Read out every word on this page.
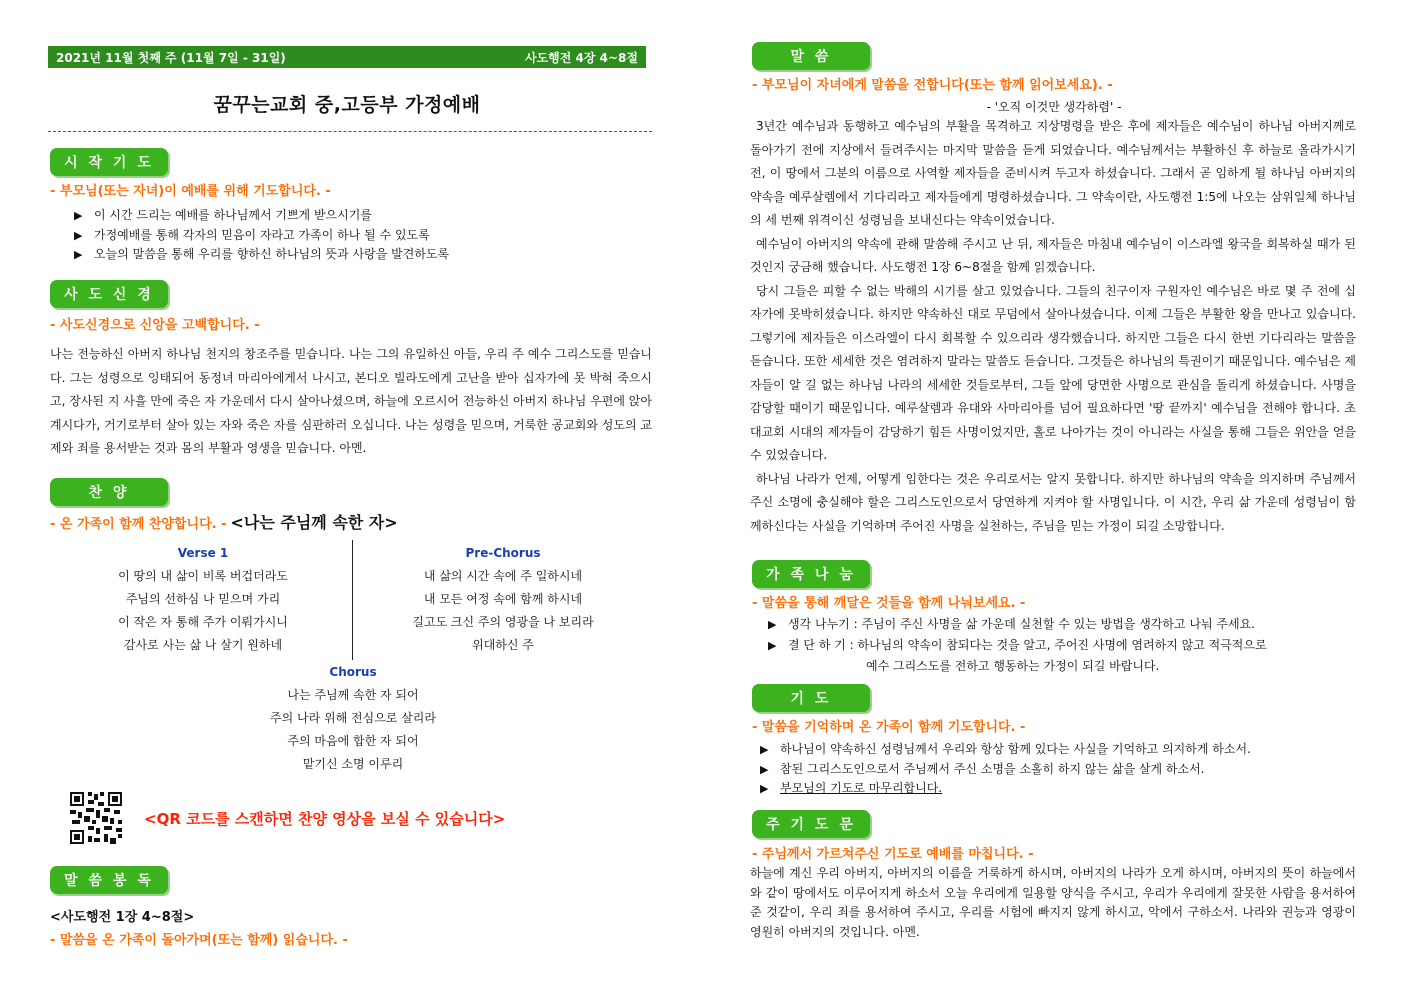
2021년 11월 첫째 주 (11월 7일 - 31일)	사도행전 4장 4~8절
꿈꾸는교회 중,고등부 가정예배
시 작 기 도
- 부모님(또는 자녀)이 예배를 위해 기도합니다. -
▶ 이 시간 드리는 예배를 하나님께서 기쁘게 받으시기를
▶ 가정예배를 통해 각자의 믿음이 자라고 가족이 하나 될 수 있도록
▶ 오늘의 말씀을 통해 우리를 향하신 하나님의 뜻과 사랑을 발견하도록
사 도 신 경
- 사도신경으로 신앙을 고백합니다. -

나는 전능하신 아버지 하나님 천지의 창조주를 믿습니다. 나는 그의 유일하신 아들, 우리 주 예수 그리스도를 믿습니다. 그는 성령으로 잉태되어 동정녀 마리아에게서 나시고, 본디오 빌라도에게 고난을 받아 십자가에 못 박혀 죽으시고, 장사된 지 사흘 만에 죽은 자 가운데서 다시 살아나셨으며, 하늘에 오르시어 전능하신 아버지 하나님 우편에 앉아계시다가, 거기로부터 살아 있는 자와 죽은 자를 심판하러 오십니다. 나는 성령을 믿으며, 거룩한 공교회와 성도의 교제와 죄를 용서받는 것과 몸의 부활과 영생을 믿습니다. 아멘.

찬 양
- 온 가족이 함께 찬양합니다. - <나는 주님께 속한 자>
Verse 1
이 땅의 내 삶이 비록 버겁더라도
주님의 선하심 나 믿으며 가리
이 작은 자 통해 주가 이뤄가시니
감사로 사는 삶 나 살기 원하네
Pre-Chorus
내 삶의 시간 속에 주 일하시네
내 모든 여정 속에 함께 하시네
길고도 크신 주의 영광을 나 보리라
위대하신 주
Chorus
나는 주님께 속한 자 되어
주의 나라 위해 전심으로 살리라
주의 마음에 합한 자 되어
맡기신 소명 이루리
<QR 코드를 스캔하면 찬양 영상을 보실 수 있습니다>
말 씀 봉 독
<사도행전 1장 4~8절>
- 말씀을 온 가족이 돌아가며(또는 함께) 읽습니다. -
말 씀
- 부모님이 자녀에게 말씀을 전합니다(또는 함께 읽어보세요). -
- '오직 이것만 생각하렴' -

3년간 예수님과 동행하고 예수님의 부활을 목격하고 지상명령을 받은 후에 제자들은 예수님이 하나님 아버지께로 돌아가기 전에 지상에서 들려주시는 마지막 말씀을 듣게 되었습니다. 예수님께서는 부활하신 후 하늘로 올라가시기 전, 이 땅에서 그분의 이름으로 사역할 제자들을 준비시켜 두고자 하셨습니다. 그래서 곧 임하게 될 하나님 아버지의 약속을 예루살렘에서 기다리라고 제자들에게 명령하셨습니다. 그 약속이란, 사도행전 1:5에 나오는 삼위일체 하나님의 세 번째 위격이신 성령님을 보내신다는 약속이었습니다.

예수님이 아버지의 약속에 관해 말씀해 주시고 난 뒤, 제자들은 마침내 예수님이 이스라엘 왕국을 회복하실 때가 된 것인지 궁금해 했습니다. 사도행전 1장 6~8절을 함께 읽겠습니다.

당시 그들은 피할 수 없는 박해의 시기를 살고 있었습니다. 그들의 친구이자 구원자인 예수님은 바로 몇 주 전에 십자가에 못박히셨습니다. 하지만 약속하신 대로 무덤에서 살아나셨습니다. 이제 그들은 부활한 왕을 만나고 있습니다. 그렇기에 제자들은 이스라엘이 다시 회복할 수 있으리라 생각했습니다. 하지만 그들은 다시 한번 기다리라는 말씀을 듣습니다. 또한 세세한 것은 염려하지 말라는 말씀도 듣습니다. 그것들은 하나님의 특권이기 때문입니다. 예수님은 제자들이 알 길 없는 하나님 나라의 세세한 것들로부터, 그들 앞에 당면한 사명으로 관심을 돌리게 하셨습니다. 사명을 감당할 때이기 때문입니다. 예루살렘과 유대와 사마리아를 넘어 필요하다면 '땅 끝까지' 예수님을 전해야 합니다. 초대교회 시대의 제자들이 감당하기 힘든 사명이었지만, 홀로 나아가는 것이 아니라는 사실을 통해 그들은 위안을 얻을 수 있었습니다.

하나님 나라가 언제, 어떻게 임한다는 것은 우리로서는 알지 못합니다. 하지만 하나님의 약속을 의지하며 주님께서 주신 소명에 충실해야 할은 그리스도인으로서 당연하게 지켜야 할 사명입니다. 이 시간, 우리 삶 가운데 성령님이 함께하신다는 사실을 기억하며 주어진 사명을 실천하는, 주님을 믿는 가정이 되길 소망합니다.

가 족 나 눔
- 말씀을 통해 깨달은 것들을 함께 나눠보세요. -
▶ 생각 나누기 : 주님이 주신 사명을 삶 가운데 실천할 수 있는 방법을 생각하고 나눠 주세요.
▶ 결 단 하 기 : 하나님의 약속이 참되다는 것을 알고, 주어진 사명에 염려하지 않고 적극적으로
예수 그리스도를 전하고 행동하는 가정이 되길 바랍니다.
기 도
- 말씀을 기억하며 온 가족이 함께 기도합니다. -
▶ 하나님이 약속하신 성령님께서 우리와 항상 함께 있다는 사실을 기억하고 의지하게 하소서.
▶ 참된 그리스도인으로서 주님께서 주신 소명을 소홀히 하지 않는 삶을 살게 하소서.
▶ 부모님의 기도로 마무리합니다.
주 기 도 문
- 주님께서 가르쳐주신 기도로 예배를 마칩니다. -

하늘에 계신 우리 아버지, 아버지의 이름을 거룩하게 하시며, 아버지의 나라가 오게 하시며, 아버지의 뜻이 하늘에서와 같이 땅에서도 이루어지게 하소서 오늘 우리에게 일용할 양식을 주시고, 우리가 우리에게 잘못한 사람을 용서하여 준 것같이, 우리 죄를 용서하여 주시고, 우리를 시험에 빠지지 않게 하시고, 악에서 구하소서. 나라와 권능과 영광이 영원히 아버지의 것입니다. 아멘.
